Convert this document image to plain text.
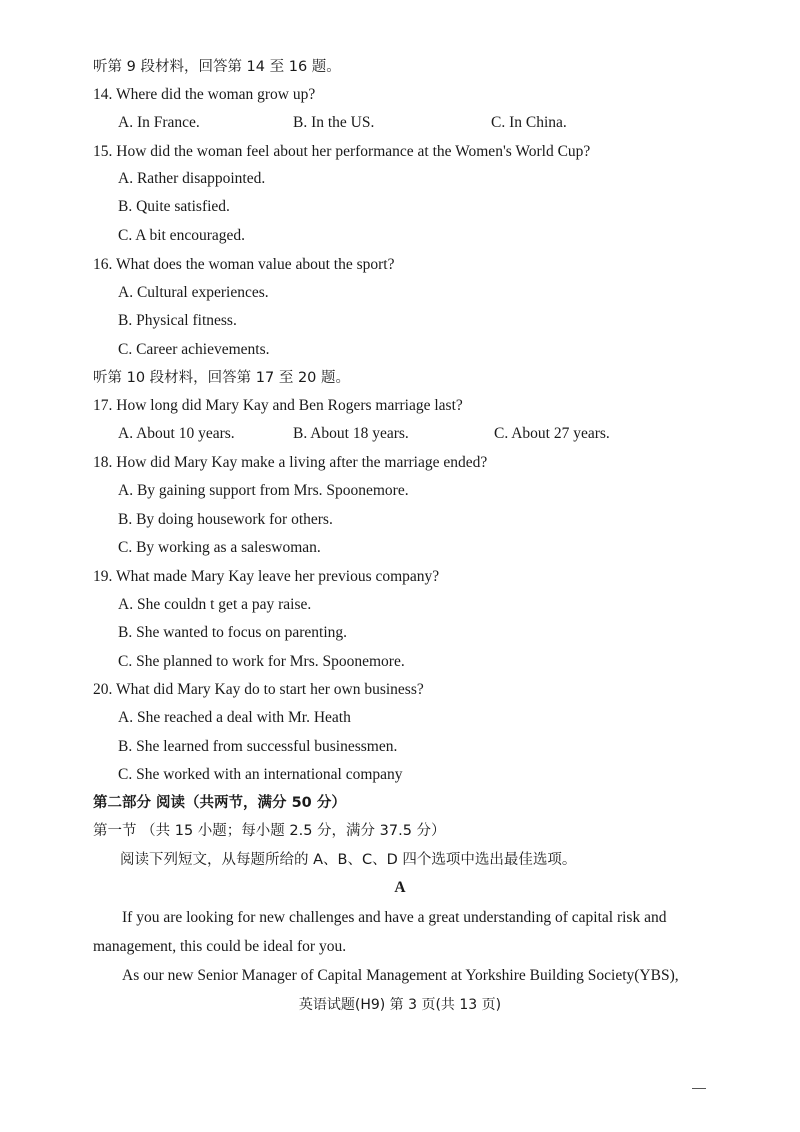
听第 9 段材料，回答第 14 至 16 题。
14. Where did the woman grow up?
A. In France.	B. In the US.	C. In China.
15. How did the woman feel about her performance at the Women's World Cup?
A. Rather disappointed.
B. Quite satisfied.
C. A bit encouraged.
16. What does the woman value about the sport?
A. Cultural experiences.
B. Physical fitness.
C. Career achievements.
听第 10 段材料，回答第 17 至 20 题。
17. How long did Mary Kay and Ben Rogers marriage last?
A. About 10 years.	B. About 18 years.	C. About 27 years.
18. How did Mary Kay make a living after the marriage ended?
A. By gaining support from Mrs. Spoonemore.
B. By doing housework for others.
C. By working as a saleswoman.
19. What made Mary Kay leave her previous company?
A. She couldn t get a pay raise.
B. She wanted to focus on parenting.
C. She planned to work for Mrs. Spoonemore.
20. What did Mary Kay do to start her own business?
A. She reached a deal with Mr. Heath
B. She learned from successful businessmen.
C. She worked with an international company
第二部分 阅读（共两节，满分 50 分）
第一节 （共 15 小题；每小题 2.5 分，满分 37.5 分）
阅读下列短文，从每题所给的 A、B、C、D 四个选项中选出最佳选项。
A
If you are looking for new challenges and have a great understanding of capital risk and
management, this could be ideal for you.
As our new Senior Manager of Capital Management at Yorkshire Building Society(YBS),
英语试题(H9) 第 3 页(共 13 页)
